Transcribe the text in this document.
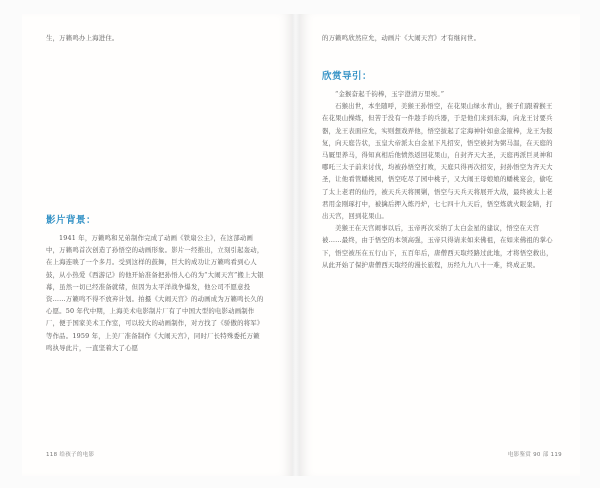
生，万籁鸣办上海进住。

影片背景：

1941 年，万籁鸣和兄弟制作完成了动画《铁扇公主》，在这部动画中，万籁鸣首次创造了孙悟空的动画形象。影片一经推出，立刻引起轰动，在上海连映了一个多月。受到这样的鼓舞，巨大的成功让万籁鸣看到心人鼓，从小热爱《西游记》的他开始准备把孙悟人心的为“大闹天宫”搬上大银幕，虽然一切已经准备就绪，但因为太平洋战争爆发，他公司不愿意投资……万籁鸣不得不放弃计划。拍摄《大闹天宫》的动画成为万籁鸣长久的心愿。50 年代中期，上海美术电影制片厂有了中国大型的电影动画制作厂，便于国家美术工作室，可以较大的动画制作，对方找了《骄傲的将军》等作品。1959 年，上美厂准备制作《大闹天宫》，同时厂长特殊委托万籁鸣执导此片，一直坚着大了心愿

118 给孩子的电影

的万籁鸣欣然应允，动画片《大闹天宫》才有继问世。

欣赏导引：

“金猴奋起千钧棒，玉宇澄清万里埃。”

石猴出世，本坐随呼，美猴王孙悟空，在花果山绿水青山，猴子们跟着猴王在花果山操练，但苦于没有一件趁手的兵器，于是他们来到东海，向龙王讨要兵器，龙王表面应允，实则想戏弄他，悟空拔起了定海神针如意金箍棒，龙王为报复，向天庭告状，玉皇大帝派太白金星下凡招安，悟空被封为弼马温，在天庭的马厩里养马，得知真相后他愤然返回花果山，自封齐天大圣，天庭再派巨灵神和哪吒三太子前来讨伐，均被孙悟空打败，天庭只得再次招安，封孙悟空为齐天大圣，让他看管蟠桃园，悟空吃尽了园中桃子，又大闹王母娘娘的蟠桃宴会，偷吃了太上老君的仙丹，被天兵天将围剿，悟空与天兵天将展开大战，最终被太上老君用金刚琢打中，被擒后押入炼丹炉，七七四十九天后，悟空炼就火眼金睛，打出天宫，回到花果山。

美猴王在天宫闹事以后，玉帝再次采纳了太白金星的建议，悟空在天宫被……最终，由于悟空的本领高强，玉帝只得请来如来佛祖，在如来佛祖的掌心下，悟空被压在五行山下，五百年后，唐僧西天取经路过此地，才将悟空救出，从此开始了保护唐僧西天取经的漫长旅程，历经九九八十一难，终成正果。

电影鉴赏 90 部 119
